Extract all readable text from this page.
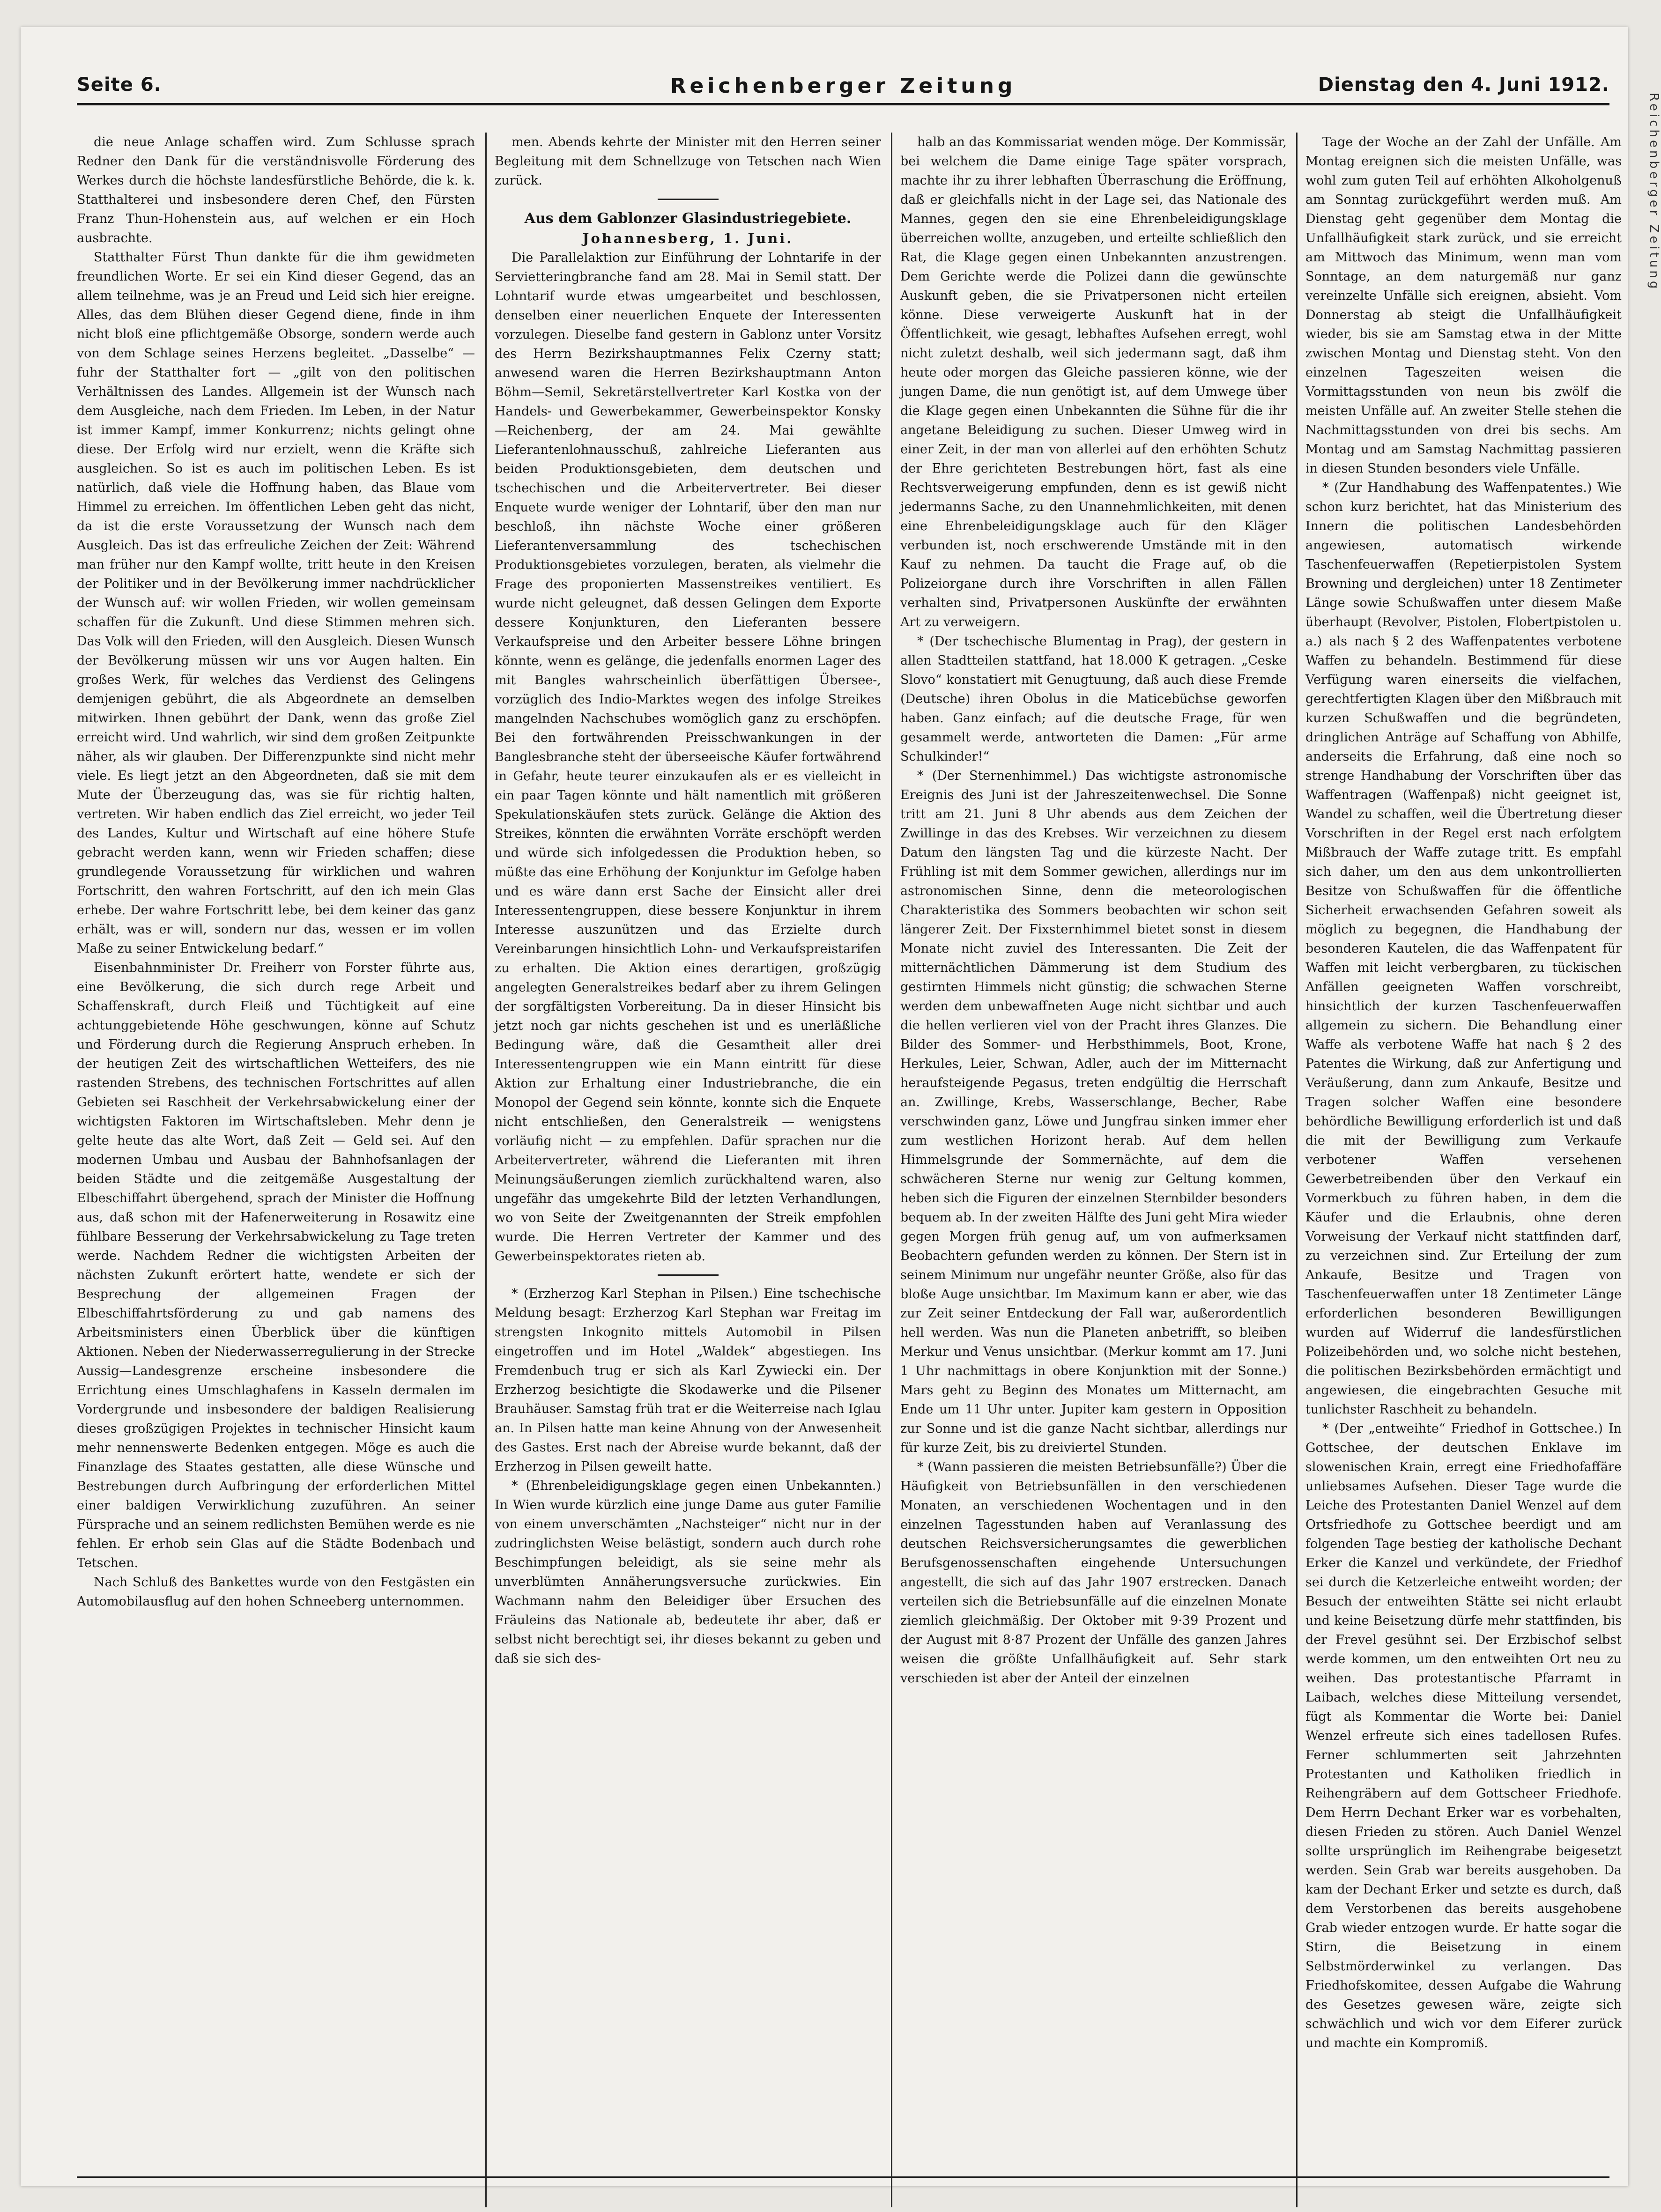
Seite 6.	Reichenberger Zeitung	Dienstag den 4. Juni 1912.
Reichenberger Zeitung

die neue Anlage schaffen wird. Zum Schlusse sprach Redner den Dank für die verständnisvolle Förderung des Werkes durch die höchste landesfürstliche Behörde, die k. k. Statthalterei und insbesondere deren Chef, den Fürsten Franz Thun-Hohenstein aus, auf welchen er ein Hoch ausbrachte.

Statthalter Fürst Thun dankte für die ihm gewidmeten freundlichen Worte. Er sei ein Kind dieser Gegend, das an allem teilnehme, was je an Freud und Leid sich hier ereigne. Alles, das dem Blühen dieser Gegend diene, finde in ihm nicht bloß eine pflichtgemäße Obsorge, sondern werde auch von dem Schlage seines Herzens begleitet. „Dasselbe“ — fuhr der Statthalter fort — „gilt von den politischen Verhältnissen des Landes. Allgemein ist der Wunsch nach dem Ausgleiche, nach dem Frieden. Im Leben, in der Natur ist immer Kampf, immer Konkurrenz; nichts gelingt ohne diese. Der Erfolg wird nur erzielt, wenn die Kräfte sich ausgleichen. So ist es auch im politischen Leben. Es ist natürlich, daß viele die Hoffnung haben, das Blaue vom Himmel zu erreichen. Im öffentlichen Leben geht das nicht, da ist die erste Voraussetzung der Wunsch nach dem Ausgleich. Das ist das erfreuliche Zeichen der Zeit: Während man früher nur den Kampf wollte, tritt heute in den Kreisen der Politiker und in der Bevölkerung immer nachdrücklicher der Wunsch auf: wir wollen Frieden, wir wollen gemeinsam schaffen für die Zukunft. Und diese Stimmen mehren sich. Das Volk will den Frieden, will den Ausgleich. Diesen Wunsch der Bevölkerung müssen wir uns vor Augen halten. Ein großes Werk, für welches das Verdienst des Gelingens demjenigen gebührt, die als Abgeordnete an demselben mitwirken. Ihnen gebührt der Dank, wenn das große Ziel erreicht wird. Und wahrlich, wir sind dem großen Zeitpunkte näher, als wir glauben. Der Differenzpunkte sind nicht mehr viele. Es liegt jetzt an den Abgeordneten, daß sie mit dem Mute der Überzeugung das, was sie für richtig halten, vertreten. Wir haben endlich das Ziel erreicht, wo jeder Teil des Landes, Kultur und Wirtschaft auf eine höhere Stufe gebracht werden kann, wenn wir Frieden schaffen; diese grundlegende Voraussetzung für wirklichen und wahren Fortschritt, den wahren Fortschritt, auf den ich mein Glas erhebe. Der wahre Fortschritt lebe, bei dem keiner das ganz erhält, was er will, sondern nur das, wessen er im vollen Maße zu seiner Entwickelung bedarf.“

Eisenbahnminister Dr. Freiherr von Forster führte aus, eine Bevölkerung, die sich durch rege Arbeit und Schaffenskraft, durch Fleiß und Tüchtigkeit auf eine achtunggebietende Höhe geschwungen, könne auf Schutz und Förderung durch die Regierung Anspruch erheben. In der heutigen Zeit des wirtschaftlichen Wetteifers, des nie rastenden Strebens, des technischen Fortschrittes auf allen Gebieten sei Raschheit der Verkehrsabwickelung einer der wichtigsten Faktoren im Wirtschaftsleben. Mehr denn je gelte heute das alte Wort, daß Zeit — Geld sei. Auf den modernen Umbau und Ausbau der Bahnhofsanlagen der beiden Städte und die zeitgemäße Ausgestaltung der Elbeschiffahrt übergehend, sprach der Minister die Hoffnung aus, daß schon mit der Hafenerweiterung in Rosawitz eine fühlbare Besserung der Verkehrsabwickelung zu Tage treten werde. Nachdem Redner die wichtigsten Arbeiten der nächsten Zukunft erörtert hatte, wendete er sich der Besprechung der allgemeinen Fragen der Elbeschiffahrtsförderung zu und gab namens des Arbeitsministers einen Überblick über die künftigen Aktionen. Neben der Niederwasserregulierung in der Strecke Aussig—Landesgrenze erscheine insbesondere die Errichtung eines Umschlaghafens in Kasseln dermalen im Vordergrunde und insbesondere der baldigen Realisierung dieses großzügigen Projektes in technischer Hinsicht kaum mehr nennenswerte Bedenken entgegen. Möge es auch die Finanzlage des Staates gestatten, alle diese Wünsche und Bestrebungen durch Aufbringung der erforderlichen Mittel einer baldigen Verwirklichung zuzuführen. An seiner Fürsprache und an seinem redlichsten Bemühen werde es nie fehlen. Er erhob sein Glas auf die Städte Bodenbach und Tetschen.

Nach Schluß des Bankettes wurde von den Festgästen ein Automobilausflug auf den hohen Schneeberg unternommen.

men. Abends kehrte der Minister mit den Herren seiner Begleitung mit dem Schnellzuge von Tetschen nach Wien zurück.

Aus dem Gablonzer Glasindustriegebiete.

Johannesberg, 1. Juni.

Die Parallelaktion zur Einführung der Lohntarife in der Servietteringbranche fand am 28. Mai in Semil statt. Der Lohntarif wurde etwas umgearbeitet und beschlossen, denselben einer neuerlichen Enquete der Interessenten vorzulegen. Dieselbe fand gestern in Gablonz unter Vorsitz des Herrn Bezirkshauptmannes Felix Czerny statt; anwesend waren die Herren Bezirkshauptmann Anton Böhm—Semil, Sekretärstellvertreter Karl Kostka von der Handels- und Gewerbekammer, Gewerbeinspektor Konsky—Reichenberg, der am 24. Mai gewählte Lieferantenlohnausschuß, zahlreiche Lieferanten aus beiden Produktionsgebieten, dem deutschen und tschechischen und die Arbeitervertreter. Bei dieser Enquete wurde weniger der Lohntarif, über den man nur beschloß, ihn nächste Woche einer größeren Lieferantenversammlung des tschechischen Produktionsgebietes vorzulegen, beraten, als vielmehr die Frage des proponierten Massenstreikes ventiliert. Es wurde nicht geleugnet, daß dessen Gelingen dem Exporte dessere Konjunkturen, den Lieferanten bessere Verkaufspreise und den Arbeiter bessere Löhne bringen könnte, wenn es gelänge, die jedenfalls enormen Lager des mit Bangles wahrscheinlich überfättigen Übersee-, vorzüglich des Indio-Marktes wegen des infolge Streikes mangelnden Nachschubes womöglich ganz zu erschöpfen. Bei den fortwährenden Preisschwankungen in der Banglesbranche steht der überseeische Käufer fortwährend in Gefahr, heute teurer einzukaufen als er es vielleicht in ein paar Tagen könnte und hält namentlich mit größeren Spekulationskäufen stets zurück. Gelänge die Aktion des Streikes, könnten die erwähnten Vorräte erschöpft werden und würde sich infolgedessen die Produktion heben, so müßte das eine Erhöhung der Konjunktur im Gefolge haben und es wäre dann erst Sache der Einsicht aller drei Interessentengruppen, diese bessere Konjunktur in ihrem Interesse auszunützen und das Erzielte durch Vereinbarungen hinsichtlich Lohn- und Verkaufspreistarifen zu erhalten. Die Aktion eines derartigen, großzügig angelegten Generalstreikes bedarf aber zu ihrem Gelingen der sorgfältigsten Vorbereitung. Da in dieser Hinsicht bis jetzt noch gar nichts geschehen ist und es unerläßliche Bedingung wäre, daß die Gesamtheit aller drei Interessentengruppen wie ein Mann eintritt für diese Aktion zur Erhaltung einer Industriebranche, die ein Monopol der Gegend sein könnte, konnte sich die Enquete nicht entschließen, den Generalstreik — wenigstens vorläufig nicht — zu empfehlen. Dafür sprachen nur die Arbeitervertreter, während die Lieferanten mit ihren Meinungsäußerungen ziemlich zurückhaltend waren, also ungefähr das umgekehrte Bild der letzten Verhandlungen, wo von Seite der Zweitgenannten der Streik empfohlen wurde. Die Herren Vertreter der Kammer und des Gewerbeinspektorates rieten ab.

* (Erzherzog Karl Stephan in Pilsen.) Eine tschechische Meldung besagt: Erzherzog Karl Stephan war Freitag im strengsten Inkognito mittels Automobil in Pilsen eingetroffen und im Hotel „Waldek“ abgestiegen. Ins Fremdenbuch trug er sich als Karl Zywiecki ein. Der Erzherzog besichtigte die Skodawerke und die Pilsener Brauhäuser. Samstag früh trat er die Weiterreise nach Iglau an. In Pilsen hatte man keine Ahnung von der Anwesenheit des Gastes. Erst nach der Abreise wurde bekannt, daß der Erzherzog in Pilsen geweilt hatte.

* (Ehrenbeleidigungsklage gegen einen Unbekannten.) In Wien wurde kürzlich eine junge Dame aus guter Familie von einem unverschämten „Nachsteiger“ nicht nur in der zudringlichsten Weise belästigt, sondern auch durch rohe Beschimpfungen beleidigt, als sie seine mehr als unverblümten Annäherungsversuche zurückwies. Ein Wachmann nahm den Beleidiger über Ersuchen des Fräuleins das Nationale ab, bedeutete ihr aber, daß er selbst nicht berechtigt sei, ihr dieses bekannt zu geben und daß sie sich des-

halb an das Kommissariat wenden möge. Der Kommissär, bei welchem die Dame einige Tage später vorsprach, machte ihr zu ihrer lebhaften Überraschung die Eröffnung, daß er gleichfalls nicht in der Lage sei, das Nationale des Mannes, gegen den sie eine Ehrenbeleidigungsklage überreichen wollte, anzugeben, und erteilte schließlich den Rat, die Klage gegen einen Unbekannten anzustrengen. Dem Gerichte werde die Polizei dann die gewünschte Auskunft geben, die sie Privatpersonen nicht erteilen könne. Diese verweigerte Auskunft hat in der Öffentlichkeit, wie gesagt, lebhaftes Aufsehen erregt, wohl nicht zuletzt deshalb, weil sich jedermann sagt, daß ihm heute oder morgen das Gleiche passieren könne, wie der jungen Dame, die nun genötigt ist, auf dem Umwege über die Klage gegen einen Unbekannten die Sühne für die ihr angetane Beleidigung zu suchen. Dieser Umweg wird in einer Zeit, in der man von allerlei auf den erhöhten Schutz der Ehre gerichteten Bestrebungen hört, fast als eine Rechtsverweigerung empfunden, denn es ist gewiß nicht jedermanns Sache, zu den Unannehmlichkeiten, mit denen eine Ehrenbeleidigungsklage auch für den Kläger verbunden ist, noch erschwerende Umstände mit in den Kauf zu nehmen. Da taucht die Frage auf, ob die Polizeiorgane durch ihre Vorschriften in allen Fällen verhalten sind, Privatpersonen Auskünfte der erwähnten Art zu verweigern.

* (Der tschechische Blumentag in Prag), der gestern in allen Stadtteilen stattfand, hat 18.000 K getragen. „Ceske Slovo“ konstatiert mit Genugtuung, daß auch diese Fremde (Deutsche) ihren Obolus in die Maticebüchse geworfen haben. Ganz einfach; auf die deutsche Frage, für wen gesammelt werde, antworteten die Damen: „Für arme Schulkinder!“

* (Der Sternenhimmel.) Das wichtigste astronomische Ereignis des Juni ist der Jahreszeitenwechsel. Die Sonne tritt am 21. Juni 8 Uhr abends aus dem Zeichen der Zwillinge in das des Krebses. Wir verzeichnen zu diesem Datum den längsten Tag und die kürzeste Nacht. Der Frühling ist mit dem Sommer gewichen, allerdings nur im astronomischen Sinne, denn die meteorologischen Charakteristika des Sommers beobachten wir schon seit längerer Zeit. Der Fixsternhimmel bietet sonst in diesem Monate nicht zuviel des Interessanten. Die Zeit der mitternächtlichen Dämmerung ist dem Studium des gestirnten Himmels nicht günstig; die schwachen Sterne werden dem unbewaffneten Auge nicht sichtbar und auch die hellen verlieren viel von der Pracht ihres Glanzes. Die Bilder des Sommer- und Herbsthimmels, Boot, Krone, Herkules, Leier, Schwan, Adler, auch der im Mitternacht heraufsteigende Pegasus, treten endgültig die Herrschaft an. Zwillinge, Krebs, Wasserschlange, Becher, Rabe verschwinden ganz, Löwe und Jungfrau sinken immer eher zum westlichen Horizont herab. Auf dem hellen Himmelsgrunde der Sommernächte, auf dem die schwächeren Sterne nur wenig zur Geltung kommen, heben sich die Figuren der einzelnen Sternbilder besonders bequem ab. In der zweiten Hälfte des Juni geht Mira wieder gegen Morgen früh genug auf, um von aufmerksamen Beobachtern gefunden werden zu können. Der Stern ist in seinem Minimum nur ungefähr neunter Größe, also für das bloße Auge unsichtbar. Im Maximum kann er aber, wie das zur Zeit seiner Entdeckung der Fall war, außerordentlich hell werden. Was nun die Planeten anbetrifft, so bleiben Merkur und Venus unsichtbar. (Merkur kommt am 17. Juni 1 Uhr nachmittags in obere Konjunktion mit der Sonne.) Mars geht zu Beginn des Monates um Mitternacht, am Ende um 11 Uhr unter. Jupiter kam gestern in Opposition zur Sonne und ist die ganze Nacht sichtbar, allerdings nur für kurze Zeit, bis zu dreiviertel Stunden.

* (Wann passieren die meisten Betriebsunfälle?) Über die Häufigkeit von Betriebsunfällen in den verschiedenen Monaten, an verschiedenen Wochentagen und in den einzelnen Tagesstunden haben auf Veranlassung des deutschen Reichsversicherungsamtes die gewerblichen Berufsgenossenschaften eingehende Untersuchungen angestellt, die sich auf das Jahr 1907 erstrecken. Danach verteilen sich die Betriebsunfälle auf die einzelnen Monate ziemlich gleichmäßig. Der Oktober mit 9·39 Prozent und der August mit 8·87 Prozent der Unfälle des ganzen Jahres weisen die größte Unfallhäufigkeit auf. Sehr stark verschieden ist aber der Anteil der einzelnen

Tage der Woche an der Zahl der Unfälle. Am Montag ereignen sich die meisten Unfälle, was wohl zum guten Teil auf erhöhten Alkoholgenuß am Sonntag zurückgeführt werden muß. Am Dienstag geht gegenüber dem Montag die Unfallhäufigkeit stark zurück, und sie erreicht am Mittwoch das Minimum, wenn man vom Sonntage, an dem naturgemäß nur ganz vereinzelte Unfälle sich ereignen, absieht. Vom Donnerstag ab steigt die Unfallhäufigkeit wieder, bis sie am Samstag etwa in der Mitte zwischen Montag und Dienstag steht. Von den einzelnen Tageszeiten weisen die Vormittagsstunden von neun bis zwölf die meisten Unfälle auf. An zweiter Stelle stehen die Nachmittagsstunden von drei bis sechs. Am Montag und am Samstag Nachmittag passieren in diesen Stunden besonders viele Unfälle.

* (Zur Handhabung des Waffenpatentes.) Wie schon kurz berichtet, hat das Ministerium des Innern die politischen Landesbehörden angewiesen, automatisch wirkende Taschenfeuerwaffen (Repetierpistolen System Browning und dergleichen) unter 18 Zentimeter Länge sowie Schußwaffen unter diesem Maße überhaupt (Revolver, Pistolen, Flobertpistolen u. a.) als nach § 2 des Waffenpatentes verbotene Waffen zu behandeln. Bestimmend für diese Verfügung waren einerseits die vielfachen, gerechtfertigten Klagen über den Mißbrauch mit kurzen Schußwaffen und die begründeten, dringlichen Anträge auf Schaffung von Abhilfe, anderseits die Erfahrung, daß eine noch so strenge Handhabung der Vorschriften über das Waffentragen (Waffenpaß) nicht geeignet ist, Wandel zu schaffen, weil die Übertretung dieser Vorschriften in der Regel erst nach erfolgtem Mißbrauch der Waffe zutage tritt. Es empfahl sich daher, um den aus dem unkontrollierten Besitze von Schußwaffen für die öffentliche Sicherheit erwachsenden Gefahren soweit als möglich zu begegnen, die Handhabung der besonderen Kautelen, die das Waffenpatent für Waffen mit leicht verbergbaren, zu tückischen Anfällen geeigneten Waffen vorschreibt, hinsichtlich der kurzen Taschenfeuerwaffen allgemein zu sichern. Die Behandlung einer Waffe als verbotene Waffe hat nach § 2 des Patentes die Wirkung, daß zur Anfertigung und Veräußerung, dann zum Ankaufe, Besitze und Tragen solcher Waffen eine besondere behördliche Bewilligung erforderlich ist und daß die mit der Bewilligung zum Verkaufe verbotener Waffen versehenen Gewerbetreibenden über den Verkauf ein Vormerkbuch zu führen haben, in dem die Käufer und die Erlaubnis, ohne deren Vorweisung der Verkauf nicht stattfinden darf, zu verzeichnen sind. Zur Erteilung der zum Ankaufe, Besitze und Tragen von Taschenfeuerwaffen unter 18 Zentimeter Länge erforderlichen besonderen Bewilligungen wurden auf Widerruf die landesfürstlichen Polizeibehörden und, wo solche nicht bestehen, die politischen Bezirksbehörden ermächtigt und angewiesen, die eingebrachten Gesuche mit tunlichster Raschheit zu behandeln.

* (Der „entweihte“ Friedhof in Gottschee.) In Gottschee, der deutschen Enklave im slowenischen Krain, erregt eine Friedhofaffäre unliebsames Aufsehen. Dieser Tage wurde die Leiche des Protestanten Daniel Wenzel auf dem Ortsfriedhofe zu Gottschee beerdigt und am folgenden Tage bestieg der katholische Dechant Erker die Kanzel und verkündete, der Friedhof sei durch die Ketzerleiche entweiht worden; der Besuch der entweihten Stätte sei nicht erlaubt und keine Beisetzung dürfe mehr stattfinden, bis der Frevel gesühnt sei. Der Erzbischof selbst werde kommen, um den entweihten Ort neu zu weihen. Das protestantische Pfarramt in Laibach, welches diese Mitteilung versendet, fügt als Kommentar die Worte bei: Daniel Wenzel erfreute sich eines tadellosen Rufes. Ferner schlummerten seit Jahrzehnten Protestanten und Katholiken friedlich in Reihengräbern auf dem Gottscheer Friedhofe. Dem Herrn Dechant Erker war es vorbehalten, diesen Frieden zu stören. Auch Daniel Wenzel sollte ursprünglich im Reihengrabe beigesetzt werden. Sein Grab war bereits ausgehoben. Da kam der Dechant Erker und setzte es durch, daß dem Verstorbenen das bereits ausgehobene Grab wieder entzogen wurde. Er hatte sogar die Stirn, die Beisetzung in einem Selbstmörderwinkel zu verlangen. Das Friedhofskomitee, dessen Aufgabe die Wahrung des Gesetzes gewesen wäre, zeigte sich schwächlich und wich vor dem Eiferer zurück und machte ein Kompromiß.
